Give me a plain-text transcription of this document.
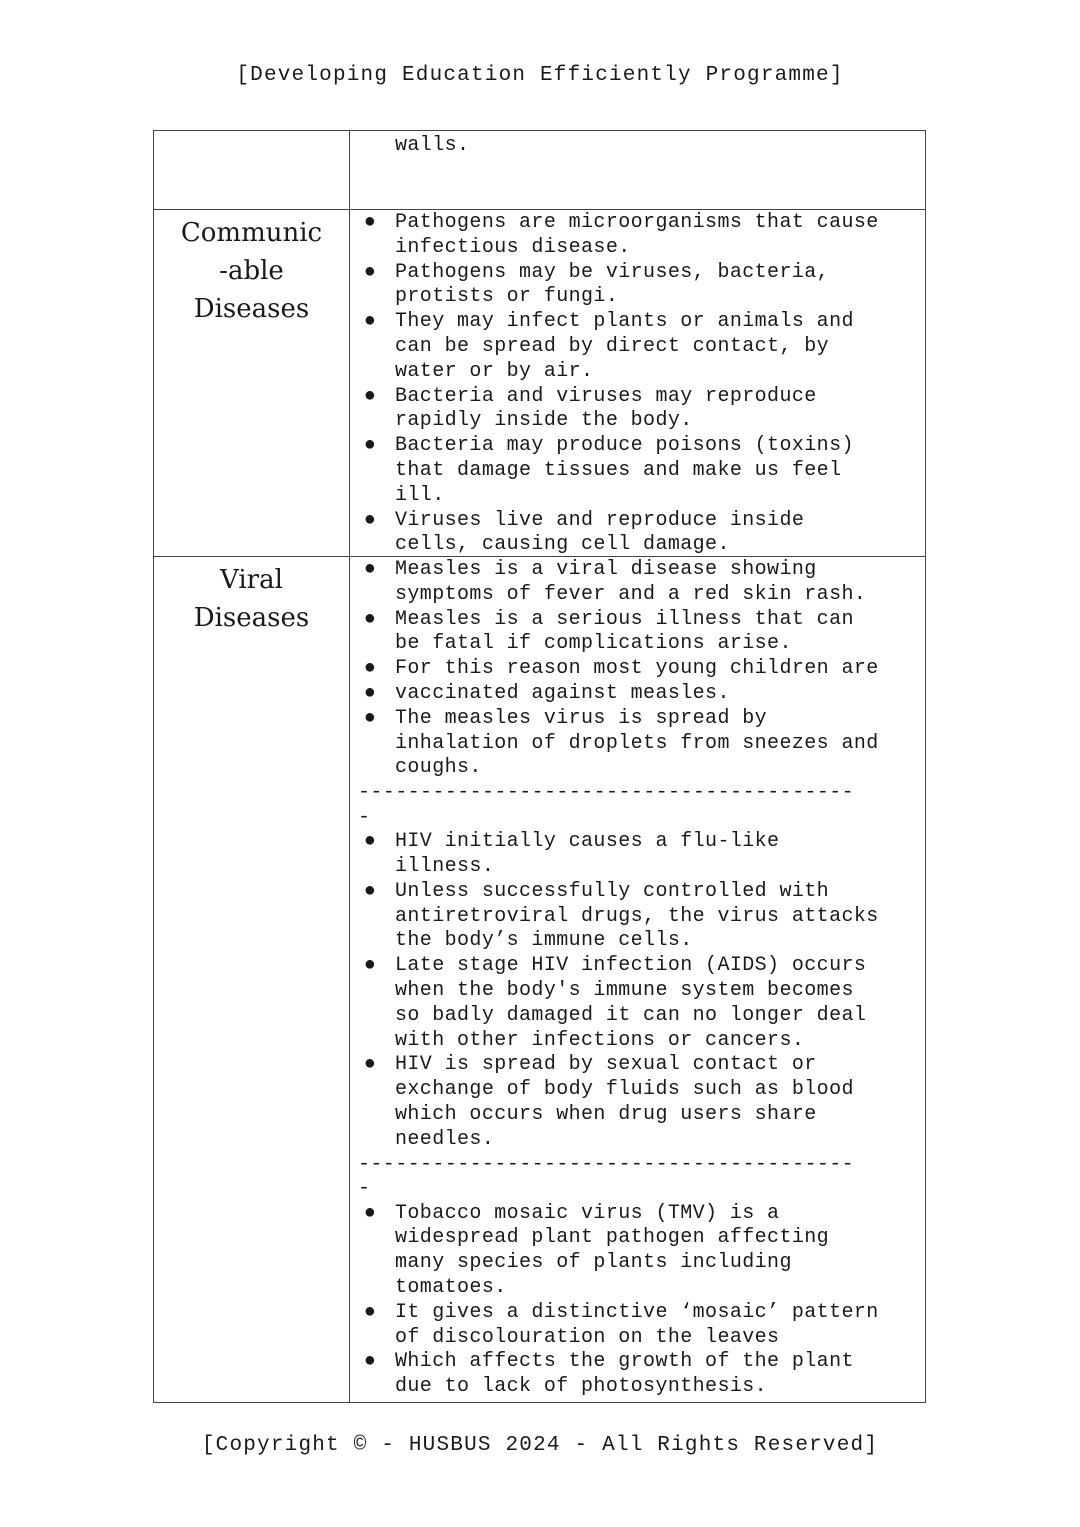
[Developing Education Efficiently Programme]
walls.
Communic
-able
Diseases
● Pathogens are microorganisms that cause
infectious disease.
● Pathogens may be viruses, bacteria,
protists or fungi.
● They may infect plants or animals and
can be spread by direct contact, by
water or by air.
● Bacteria and viruses may reproduce
rapidly inside the body.
● Bacteria may produce poisons (toxins)
that damage tissues and make us feel
ill.
● Viruses live and reproduce inside
cells, causing cell damage.
Viral
Diseases
● Measles is a viral disease showing
symptoms of fever and a red skin rash.
● Measles is a serious illness that can
be fatal if complications arise.
● For this reason most young children are
● vaccinated against measles.
● The measles virus is spread by
inhalation of droplets from sneezes and
coughs.
----------------------------------------
-
● HIV initially causes a flu-like
illness.
● Unless successfully controlled with
antiretroviral drugs, the virus attacks
the body’s immune cells.
● Late stage HIV infection (AIDS) occurs
when the body's immune system becomes
so badly damaged it can no longer deal
with other infections or cancers.
● HIV is spread by sexual contact or
exchange of body fluids such as blood
which occurs when drug users share
needles.
----------------------------------------
-
● Tobacco mosaic virus (TMV) is a
widespread plant pathogen affecting
many species of plants including
tomatoes.
● It gives a distinctive ‘mosaic’ pattern
of discolouration on the leaves
● Which affects the growth of the plant
due to lack of photosynthesis.
[Copyright © - HUSBUS 2024 - All Rights Reserved]
